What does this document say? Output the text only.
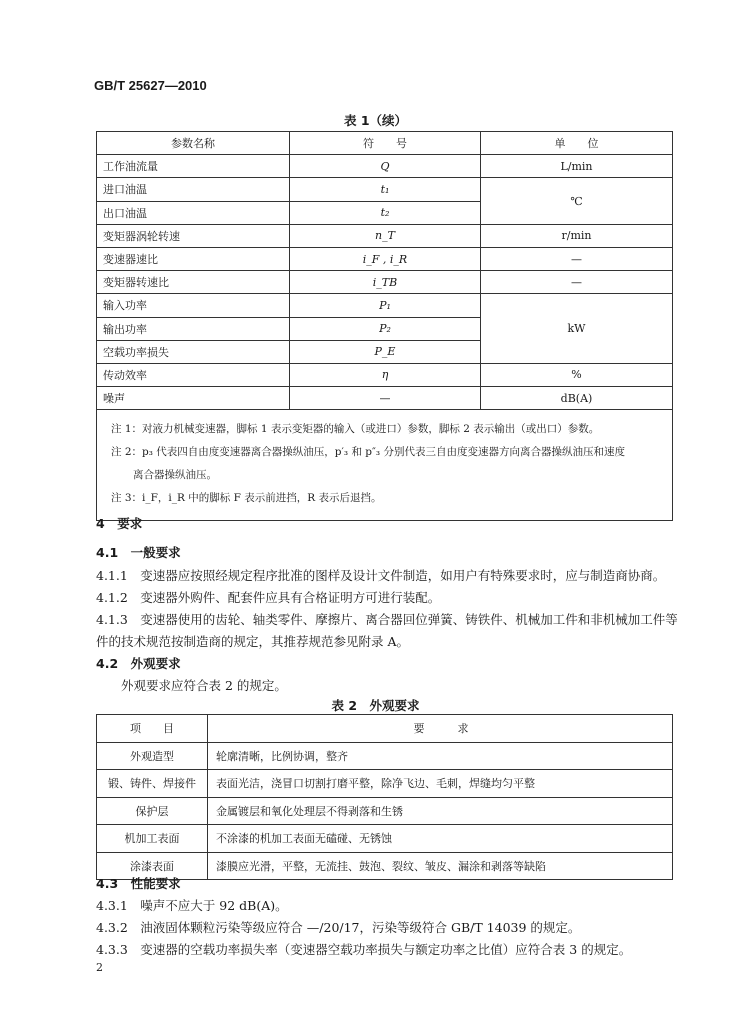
GB/T 25627—2010
表 1（续）
参数名称	符　　号	单　　位
工作油流量	Q	L/min
进口油温	t₁	℃
出口油温	t₂	
变矩器涡轮转速	n_T	r/min
变速器速比	i_F , i_R	—
变矩器转速比	i_TB	—
输入功率	P₁	kW
输出功率	P₂	
空载功率损失	P_E	
传动效率	η	%
噪声	—	dB(A)

注 1：对液力机械变速器，脚标 1 表示变矩器的输入（或进口）参数，脚标 2 表示输出（或出口）参数。
注 2：p₃ 代表四自由度变速器离合器操纵油压，p′₃ 和 p″₃ 分别代表三自由度变速器方向离合器操纵油压和速度
离合器操纵油压。
注 3：i_F，i_R 中的脚标 F 表示前进挡，R 表示后退挡。		
4　要求
4.1　一般要求
4.1.1　变速器应按照经规定程序批准的图样及设计文件制造，如用户有特殊要求时，应与制造商协商。
4.1.2　变速器外购件、配套件应具有合格证明方可进行装配。
4.1.3　变速器使用的齿轮、轴类零件、摩擦片、离合器回位弹簧、铸铁件、机械加工件和非机械加工件等
件的技术规范按制造商的规定，其推荐规范参见附录 A。
4.2　外观要求
外观要求应符合表 2 的规定。
表 2　外观要求
项　　目	要　　　求
外观造型	轮廓清晰，比例协调，整齐
锻、铸件、焊接件	表面光洁，浇冒口切割打磨平整，除净飞边、毛刺，焊缝均匀平整
保护层	金属镀层和氧化处理层不得剥落和生锈
机加工表面	不涂漆的机加工表面无磕碰、无锈蚀
涂漆表面	漆膜应光滑，平整，无流挂、鼓泡、裂纹、皱皮、漏涂和剥落等缺陷
4.3　性能要求
4.3.1　噪声不应大于 92 dB(A)。
4.3.2　油液固体颗粒污染等级应符合 —/20/17，污染等级符合 GB/T 14039 的规定。
4.3.3　变速器的空载功率损失率（变速器空载功率损失与额定功率之比值）应符合表 3 的规定。
2
